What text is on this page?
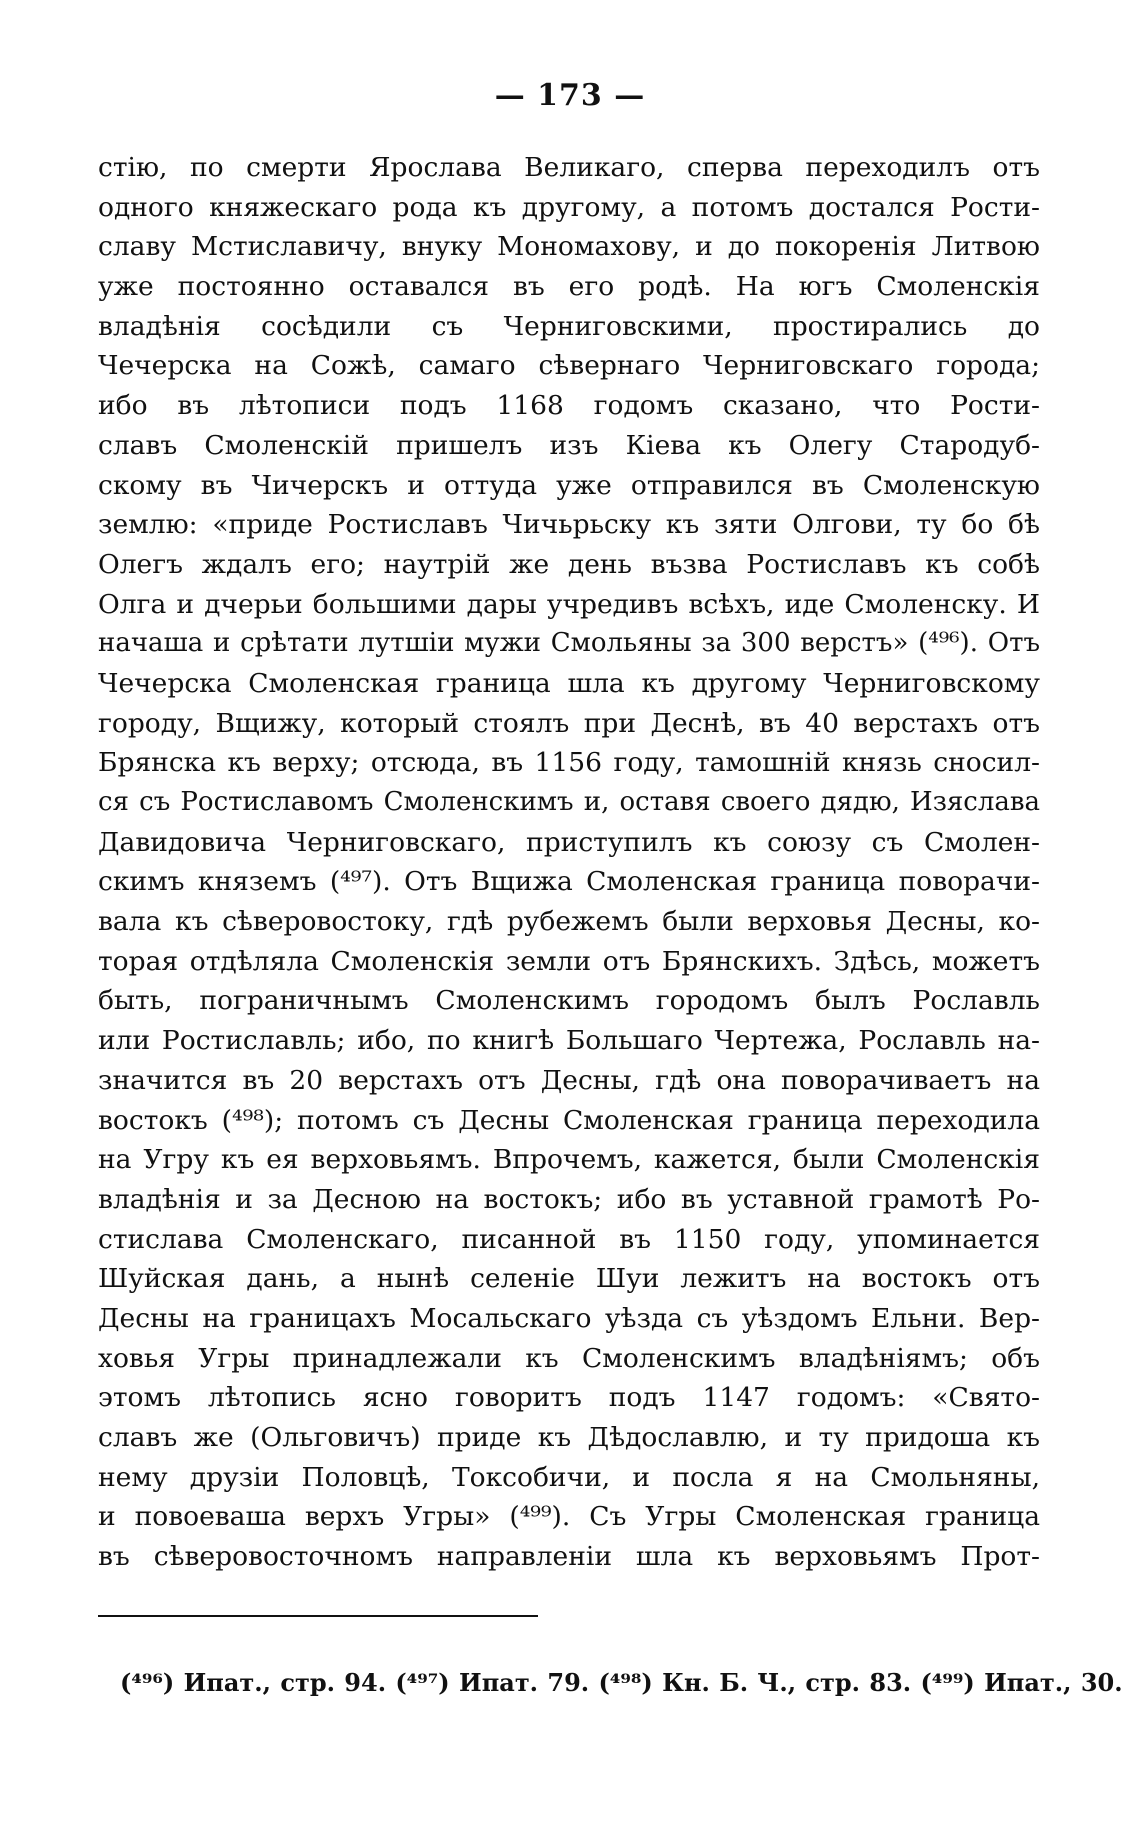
— 173 —
стію, по смерти Ярослава Великаго, сперва переходилъ отъ
одного княжескаго рода къ другому, а потомъ достался Рости-
славу Мстиславичу, внуку Мономахову, и до покоренія Литвою
уже постоянно оставался въ его родѣ. На югъ Смоленскія
владѣнія сосѣдили съ Черниговскими, простирались до
Чечерска на Сожѣ, самаго сѣвернаго Черниговскаго города;
ибо въ лѣтописи подъ 1168 годомъ сказано, что Рости-
славъ Смоленскій пришелъ изъ Кіева къ Олегу Стародуб-
скому въ Чичерскъ и оттуда уже отправился въ Смоленскую
землю: «приде Ростиславъ Чичьрьску къ зяти Олгови, ту бо бѣ
Олегъ ждалъ его; наутрій же день възва Ростиславъ къ собѣ
Олга и дчерьи большими дары учредивъ всѣхъ, иде Смоленску. И
начаша и срѣтати лутшіи мужи Смольяны за 300 верстъ» (⁴⁹⁶). Отъ
Чечерска Смоленская граница шла къ другому Черниговскому
городу, Вщижу, который стоялъ при Деснѣ, въ 40 верстахъ отъ
Брянска къ верху; отсюда, въ 1156 году, тамошній князь сносил-
ся съ Ростиславомъ Смоленскимъ и, оставя своего дядю, Изяслава
Давидовича Черниговскаго, приступилъ къ союзу съ Смолен-
скимъ княземъ (⁴⁹⁷). Отъ Вщижа Смоленская граница поворачи-
вала къ сѣверовостоку, гдѣ рубежемъ были верховья Десны, ко-
торая отдѣляла Смоленскія земли отъ Брянскихъ. Здѣсь, можетъ
быть, пограничнымъ Смоленскимъ городомъ былъ Рославль
или Ростиславль; ибо, по книгѣ Большаго Чертежа, Рославль на-
значится въ 20 верстахъ отъ Десны, гдѣ она поворачиваетъ на
востокъ (⁴⁹⁸); потомъ съ Десны Смоленская граница переходила
на Угру къ ея верховьямъ. Впрочемъ, кажется, были Смоленскія
владѣнія и за Десною на востокъ; ибо въ уставной грамотѣ Ро-
стислава Смоленскаго, писанной въ 1150 году, упоминается
Шуйская дань, а нынѣ селеніе Шуи лежитъ на востокъ отъ
Десны на границахъ Мосальскаго уѣзда съ уѣздомъ Ельни. Вер-
ховья Угры принадлежали къ Смоленскимъ владѣніямъ; объ
этомъ лѣтопись ясно говоритъ подъ 1147 годомъ: «Свято-
славъ же (Ольговичъ) приде къ Дѣдославлю, и ту придоша къ
нему друзіи Половцѣ, Токсобичи, и посла я на Смольняны,
и повоеваша верхъ Угры» (⁴⁹⁹). Съ Угры Смоленская граница
въ сѣверовосточномъ направленіи шла къ верховьямъ Прот-
(⁴⁹⁶) Ипат., стр. 94. (⁴⁹⁷) Ипат. 79. (⁴⁹⁸) Кн. Б. Ч., стр. 83. (⁴⁹⁹) Ипат., 30.
